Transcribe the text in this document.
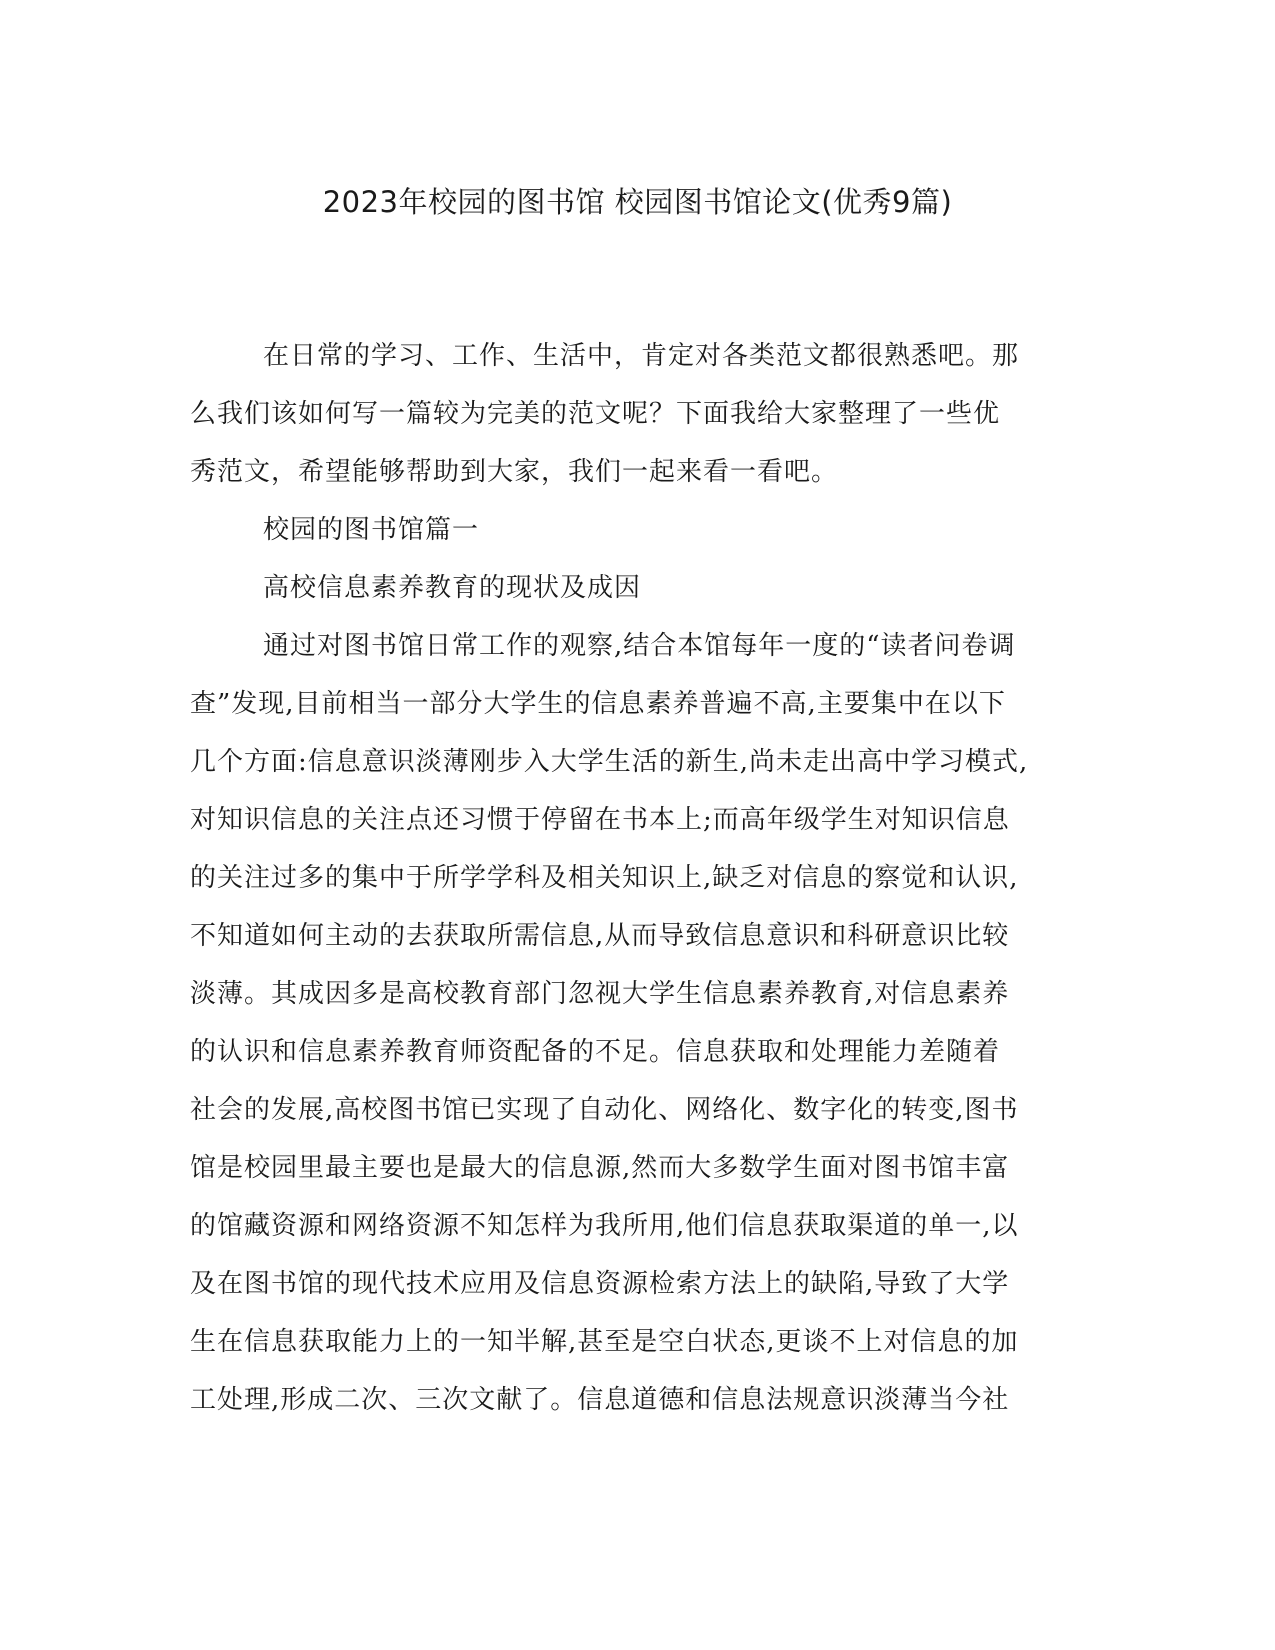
2023年校园的图书馆 校园图书馆论文(优秀9篇)
在日常的学习、工作、生活中，肯定对各类范文都很熟悉吧。那
么我们该如何写一篇较为完美的范文呢？下面我给大家整理了一些优
秀范文，希望能够帮助到大家，我们一起来看一看吧。
校园的图书馆篇一
高校信息素养教育的现状及成因
通过对图书馆日常工作的观察,结合本馆每年一度的“读者问卷调
查”发现,目前相当一部分大学生的信息素养普遍不高,主要集中在以下
几个方面:信息意识淡薄刚步入大学生活的新生,尚未走出高中学习模式,
对知识信息的关注点还习惯于停留在书本上;而高年级学生对知识信息
的关注过多的集中于所学学科及相关知识上,缺乏对信息的察觉和认识,
不知道如何主动的去获取所需信息,从而导致信息意识和科研意识比较
淡薄。其成因多是高校教育部门忽视大学生信息素养教育,对信息素养
的认识和信息素养教育师资配备的不足。信息获取和处理能力差随着
社会的发展,高校图书馆已实现了自动化、网络化、数字化的转变,图书
馆是校园里最主要也是最大的信息源,然而大多数学生面对图书馆丰富
的馆藏资源和网络资源不知怎样为我所用,他们信息获取渠道的单一,以
及在图书馆的现代技术应用及信息资源检索方法上的缺陷,导致了大学
生在信息获取能力上的一知半解,甚至是空白状态,更谈不上对信息的加
工处理,形成二次、三次文献了。信息道德和信息法规意识淡薄当今社
